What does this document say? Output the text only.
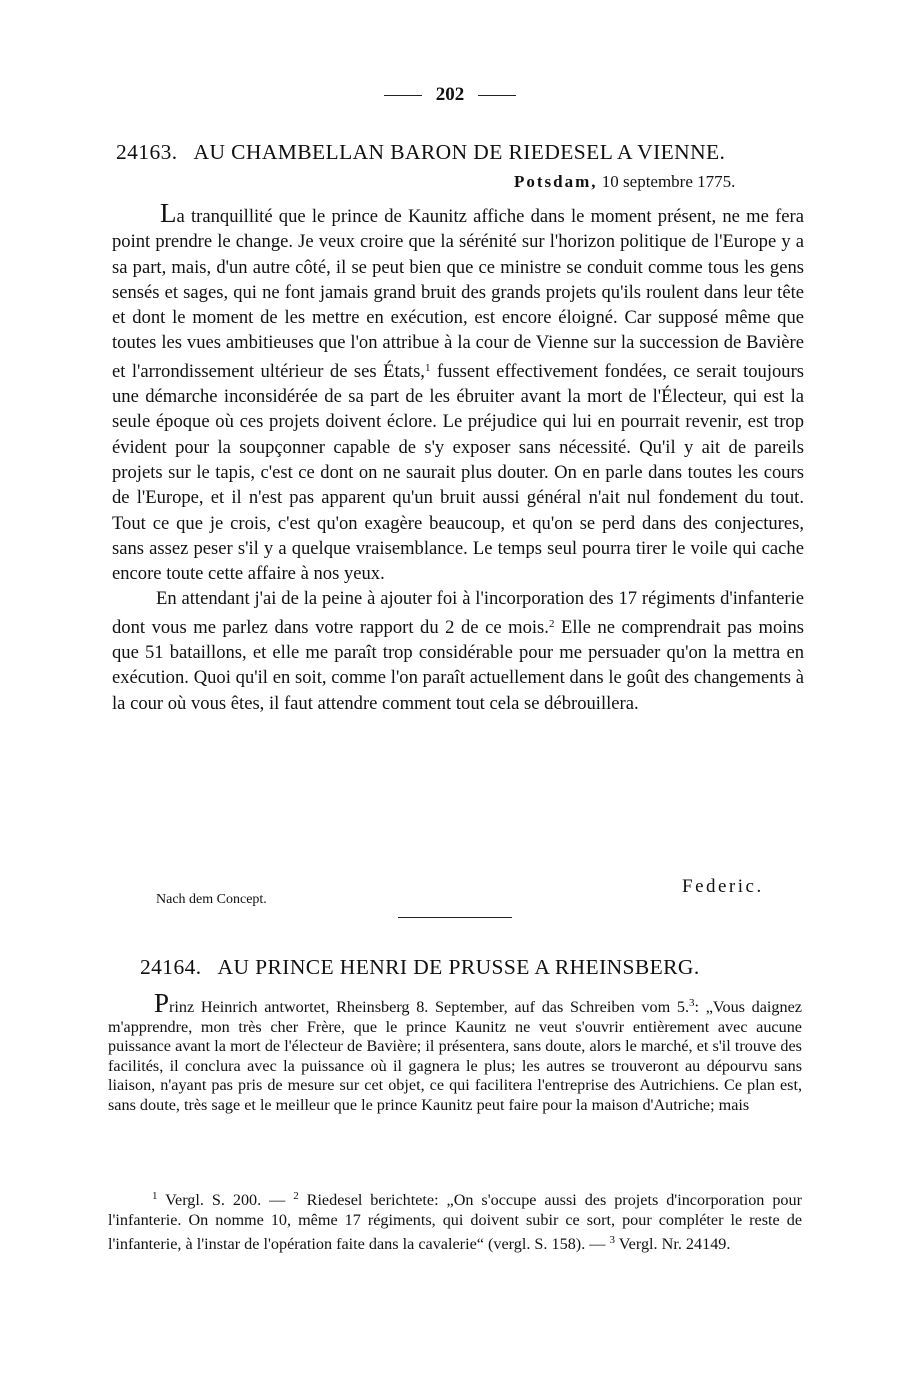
202
24163. AU CHAMBELLAN BARON DE RIEDESEL A VIENNE.
Potsdam, 10 septembre 1775.

La tranquillité que le prince de Kaunitz affiche dans le moment présent, ne me fera point prendre le change. Je veux croire que la sérénité sur l'horizon politique de l'Europe y a sa part, mais, d'un autre côté, il se peut bien que ce ministre se conduit comme tous les gens sensés et sages, qui ne font jamais grand bruit des grands projets qu'ils roulent dans leur tête et dont le moment de les mettre en exécution, est encore éloigné. Car supposé même que toutes les vues ambitieuses que l'on attribue à la cour de Vienne sur la succession de Bavière et l'arrondissement ultérieur de ses États,$^1$ fussent effectivement fondées, ce serait toujours une démarche inconsidérée de sa part de les ébruiter avant la mort de l'Électeur, qui est la seule époque où ces projets doivent éclore. Le préjudice qui lui en pourrait revenir, est trop évident pour la soupçonner capable de s'y exposer sans nécessité. Qu'il y ait de pareils projets sur le tapis, c'est ce dont on ne saurait plus douter. On en parle dans toutes les cours de l'Europe, et il n'est pas apparent qu'un bruit aussi général n'ait nul fondement du tout. Tout ce que je crois, c'est qu'on exagère beaucoup, et qu'on se perd dans des conjectures, sans assez peser s'il y a quelque vraisemblance. Le temps seul pourra tirer le voile qui cache encore toute cette affaire à nos yeux.

En attendant j'ai de la peine à ajouter foi à l'incorporation des 17 régiments d'infanterie dont vous me parlez dans votre rapport du 2 de ce mois.$^2$ Elle ne comprendrait pas moins que 51 bataillons, et elle me paraît trop considérable pour me persuader qu'on la mettra en exécution. Quoi qu'il en soit, comme l'on paraît actuellement dans le goût des changements à la cour où vous êtes, il faut attendre comment tout cela se débrouillera.

Federic.
Nach dem Concept.
24164. AU PRINCE HENRI DE PRUSSE A RHEINSBERG.

Prinz Heinrich antwortet, Rheinsberg 8. September, auf das Schreiben vom 5.$^3$: „Vous daignez m'apprendre, mon très cher Frère, que le prince Kaunitz ne veut s'ouvrir entièrement avec aucune puissance avant la mort de l'électeur de Bavière; il présentera, sans doute, alors le marché, et s'il trouve des facilités, il conclura avec la puissance où il gagnera le plus; les autres se trouveront au dépourvu sans liaison, n'ayant pas pris de mesure sur cet objet, ce qui facilitera l'entreprise des Autrichiens. Ce plan est, sans doute, très sage et le meilleur que le prince Kaunitz peut faire pour la maison d'Autriche; mais

$^1$ Vergl. S. 200. — $^2$ Riedesel berichtete: „On s'occupe aussi des projets d'incorporation pour l'infanterie. On nomme 10, même 17 régiments, qui doivent subir ce sort, pour compléter le reste de l'infanterie, à l'instar de l'opération faite dans la cavalerie“ (vergl. S. 158). — $^3$ Vergl. Nr. 24149.
